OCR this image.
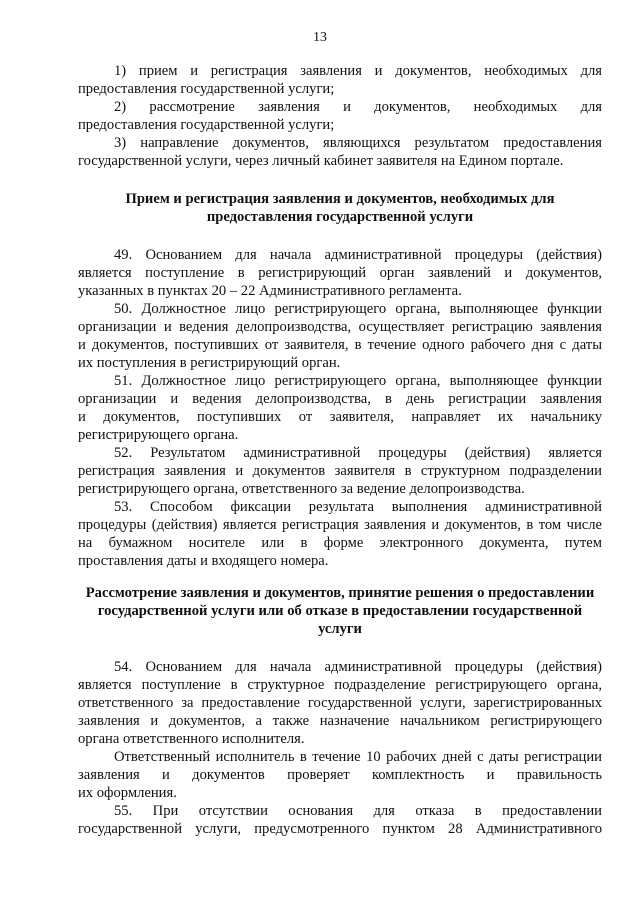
13
1) прием и регистрация заявления и документов, необходимых для
предоставления государственной услуги;
2) рассмотрение заявления и документов, необходимых для
предоставления государственной услуги;
3) направление документов, являющихся результатом предоставления
государственной услуги, через личный кабинет заявителя на Едином портале.
Прием и регистрация заявления и документов, необходимых для
предоставления государственной услуги
49. Основанием для начала административной процедуры (действия)
является поступление в регистрирующий орган заявлений и документов,
указанных в пунктах 20 – 22 Административного регламента.
50. Должностное лицо регистрирующего органа, выполняющее функции
организации и ведения делопроизводства, осуществляет регистрацию заявления
и документов, поступивших от заявителя, в течение одного рабочего дня с даты
их поступления в регистрирующий орган.
51. Должностное лицо регистрирующего органа, выполняющее функции
организации и ведения делопроизводства, в день регистрации заявления
и документов, поступивших от заявителя, направляет их начальнику
регистрирующего органа.
52. Результатом административной процедуры (действия) является
регистрация заявления и документов заявителя в структурном подразделении
регистрирующего органа, ответственного за ведение делопроизводства.
53. Способом фиксации результата выполнения административной
процедуры (действия) является регистрация заявления и документов, в том числе
на бумажном носителе или в форме электронного документа, путем
проставления даты и входящего номера.
Рассмотрение заявления и документов, принятие решения о предоставлении
государственной услуги или об отказе в предоставлении государственной
услуги
54. Основанием для начала административной процедуры (действия)
является поступление в структурное подразделение регистрирующего органа,
ответственного за предоставление государственной услуги, зарегистрированных
заявления и документов, а также назначение начальником регистрирующего
органа ответственного исполнителя.
Ответственный исполнитель в течение 10 рабочих дней с даты регистрации
заявления и документов проверяет комплектность и правильность
их оформления.
55. При отсутствии основания для отказа в предоставлении
государственной услуги, предусмотренного пунктом 28 Административного
